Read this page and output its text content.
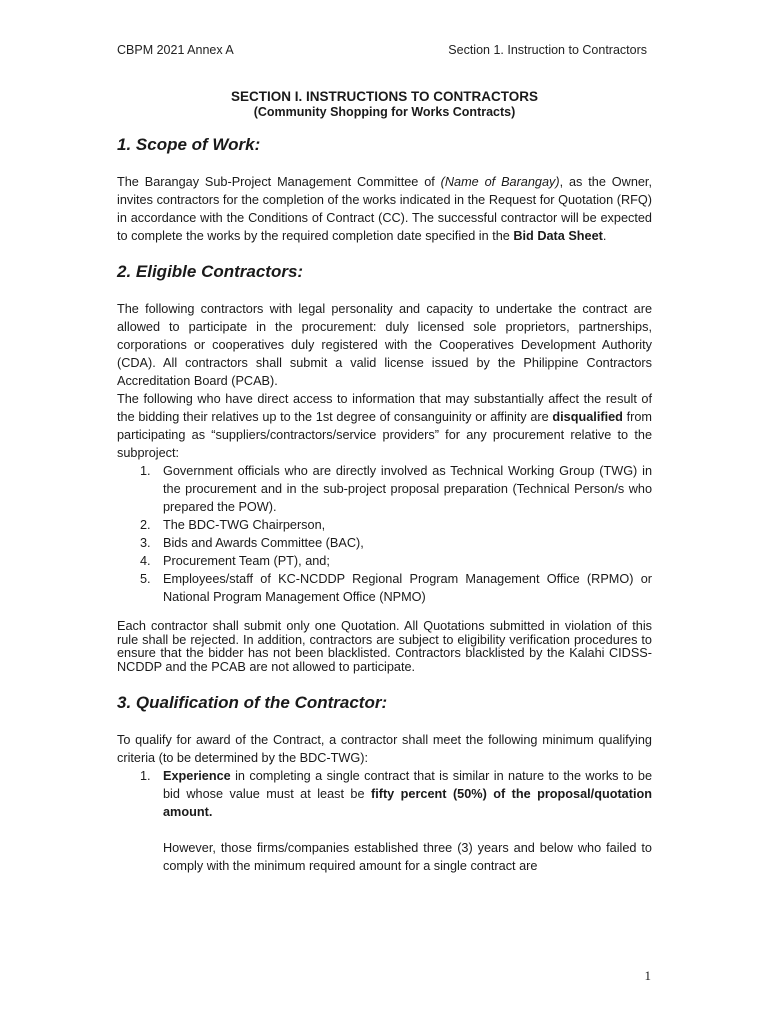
CBPM 2021 Annex A	Section 1. Instruction to Contractors
SECTION I. INSTRUCTIONS TO CONTRACTORS
(Community Shopping for Works Contracts)
1. Scope of Work:

The Barangay Sub-Project Management Committee of (Name of Barangay), as the Owner, invites contractors for the completion of the works indicated in the Request for Quotation (RFQ) in accordance with the Conditions of Contract (CC). The successful contractor will be expected to complete the works by the required completion date specified in the Bid Data Sheet.

2. Eligible Contractors:

The following contractors with legal personality and capacity to undertake the contract are allowed to participate in the procurement: duly licensed sole proprietors, partnerships, corporations or cooperatives duly registered with the Cooperatives Development Authority (CDA). All contractors shall submit a valid license issued by the Philippine Contractors Accreditation Board (PCAB).

The following who have direct access to information that may substantially affect the result of the bidding their relatives up to the 1st degree of consanguinity or affinity are disqualified from participating as “suppliers/contractors/service providers” for any procurement relative to the subproject:

1. Government officials who are directly involved as Technical Working Group (TWG) in the procurement and in the sub-project proposal preparation (Technical Person/s who prepared the POW).
2. The BDC-TWG Chairperson,
3. Bids and Awards Committee (BAC),
4. Procurement Team (PT), and;
5. Employees/staff of KC-NCDDP Regional Program Management Office (RPMO) or National Program Management Office (NPMO)

Each contractor shall submit only one Quotation. All Quotations submitted in violation of this rule shall be rejected. In addition, contractors are subject to eligibility verification procedures to ensure that the bidder has not been blacklisted. Contractors blacklisted by the Kalahi CIDSS-NCDDP and the PCAB are not allowed to participate.

3. Qualification of the Contractor:

To qualify for award of the Contract, a contractor shall meet the following minimum qualifying criteria (to be determined by the BDC-TWG):

1. Experience in completing a single contract that is similar in nature to the works to be bid whose value must at least be fifty percent (50%) of the proposal/quotation amount.
However, those firms/companies established three (3) years and below who failed to comply with the minimum required amount for a single contract are
1
